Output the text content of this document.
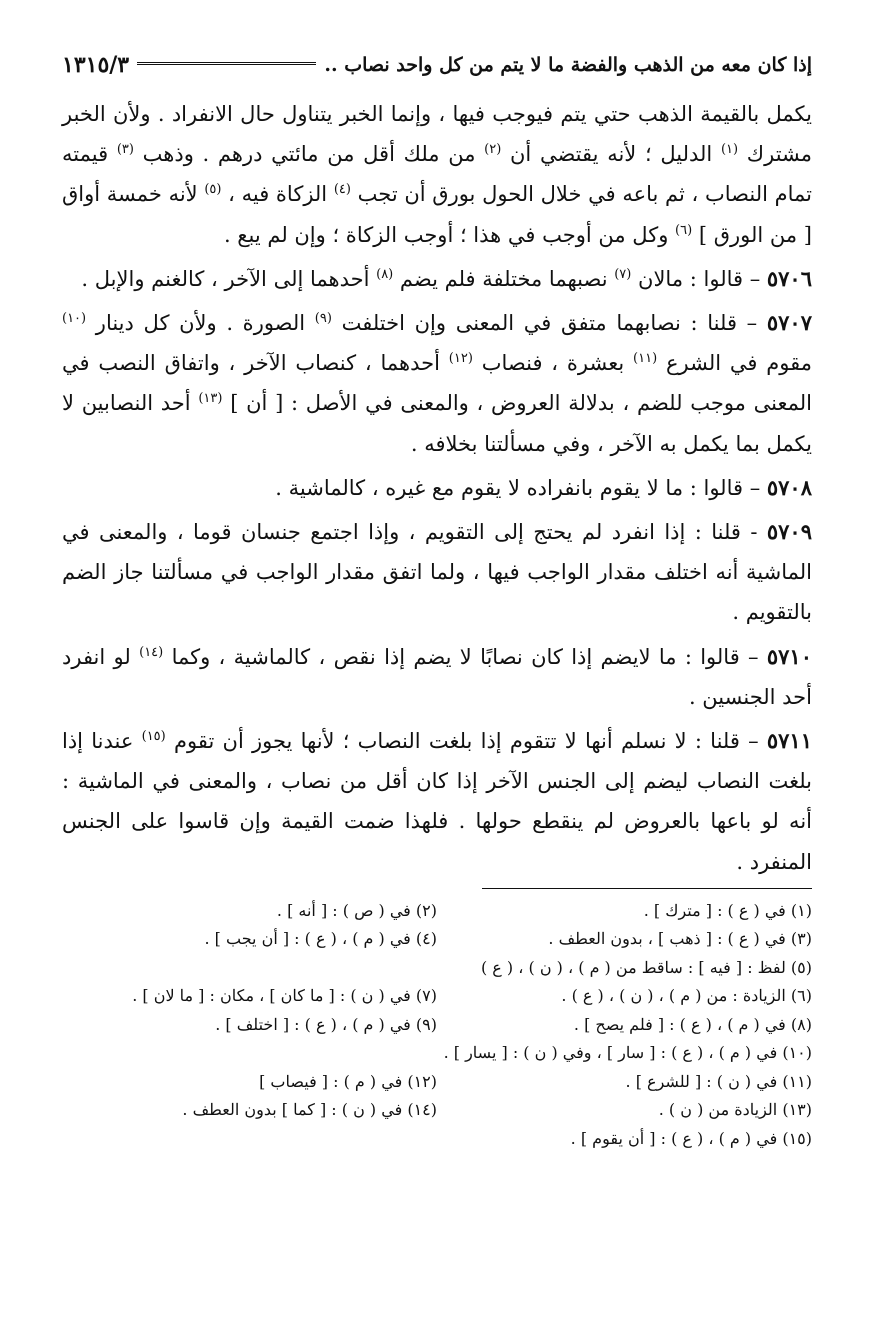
إذا كان معه من الذهب والفضة ما لا يتم من كل واحد نصاب ..
١٣١٥/٣

يكمل بالقيمة الذهب حتي يتم فيوجب فيها ، وإنما الخبر يتناول حال الانفراد . ولأن الخبر مشترك $^{(١)}$ الدليل ؛ لأنه يقتضي أن $^{(٢)}$ من ملك أقل من مائتي درهم . وذهب $^{(٣)}$ قيمته تمام النصاب ، ثم باعه في خلال الحول بورق أن تجب $^{(٤)}$ الزكاة فيه ، $^{(٥)}$ لأنه خمسة أواق [ من الورق ] $^{(٦)}$ وكل من أوجب في هذا ؛ أوجب الزكاة ؛ وإن لم يبع .

٥٧٠٦ – قالوا : مالان $^{(٧)}$ نصبهما مختلفة فلم يضم $^{(٨)}$ أحدهما إلى الآخر ، كالغنم والإبل .

٥٧٠٧ – قلنا : نصابهما متفق في المعنى وإن اختلفت $^{(٩)}$ الصورة . ولأن كل دينار $^{(١٠)}$ مقوم في الشرع $^{(١١)}$ بعشرة ، فنصاب $^{(١٢)}$ أحدهما ، كنصاب الآخر ، واتفاق النصب في المعنى موجب للضم ، بدلالة العروض ، والمعنى في الأصل : [ أن ] $^{(١٣)}$ أحد النصابين لا يكمل بما يكمل به الآخر ، وفي مسألتنا بخلافه .

٥٧٠٨ – قالوا : ما لا يقوم بانفراده لا يقوم مع غيره ، كالماشية .

٥٧٠٩ - قلنا : إذا انفرد لم يحتج إلى التقويم ، وإذا اجتمع جنسان قوما ، والمعنى في الماشية أنه اختلف مقدار الواجب فيها ، ولما اتفق مقدار الواجب في مسألتنا جاز الضم بالتقويم .

٥٧١٠ – قالوا : ما لايضم إذا كان نصابًا لا يضم إذا نقص ، كالماشية ، وكما $^{(١٤)}$ لو انفرد أحد الجنسين .

٥٧١١ – قلنا : لا نسلم أنها لا تتقوم إذا بلغت النصاب ؛ لأنها يجوز أن تقوم $^{(١٥)}$ عندنا إذا بلغت النصاب ليضم إلى الجنس الآخر إذا كان أقل من نصاب ، والمعنى في الماشية : أنه لو باعها بالعروض لم ينقطع حولها . فلهذا ضمت القيمة وإن قاسوا على الجنس المنفرد .

(١) في ( ع ) : [ مترك ] .
(٢) في ( ص ) : [ أنه ] .
(٣) في ( ع ) : [ ذهب ] ، بدون العطف .
(٤) في ( م ) ، ( ع ) : [ أن يجب ] .
(٥) لفظ : [ فيه ] : ساقط من ( م ) ، ( ن ) ، ( ع )
(٦) الزيادة : من ( م ) ، ( ن ) ، ( ع ) .
(٧) في ( ن ) : [ ما كان ] ، مكان : [ ما لان ] .
(٨) في ( م ) ، ( ع ) : [ فلم يصح ] .
(٩) في ( م ) ، ( ع ) : [ اختلف ] .
(١٠) في ( م ) ، ( ع ) : [ سار ] ، وفي ( ن ) : [ يسار ] .
(١١) في ( ن ) : [ للشرع ] .
(١٢) في ( م ) : [ فيصاب ]
(١٣) الزيادة من ( ن ) .
(١٤) في ( ن ) : [ كما ] بدون العطف .
(١٥) في ( م ) ، ( ع ) : [ أن يقوم ] .
